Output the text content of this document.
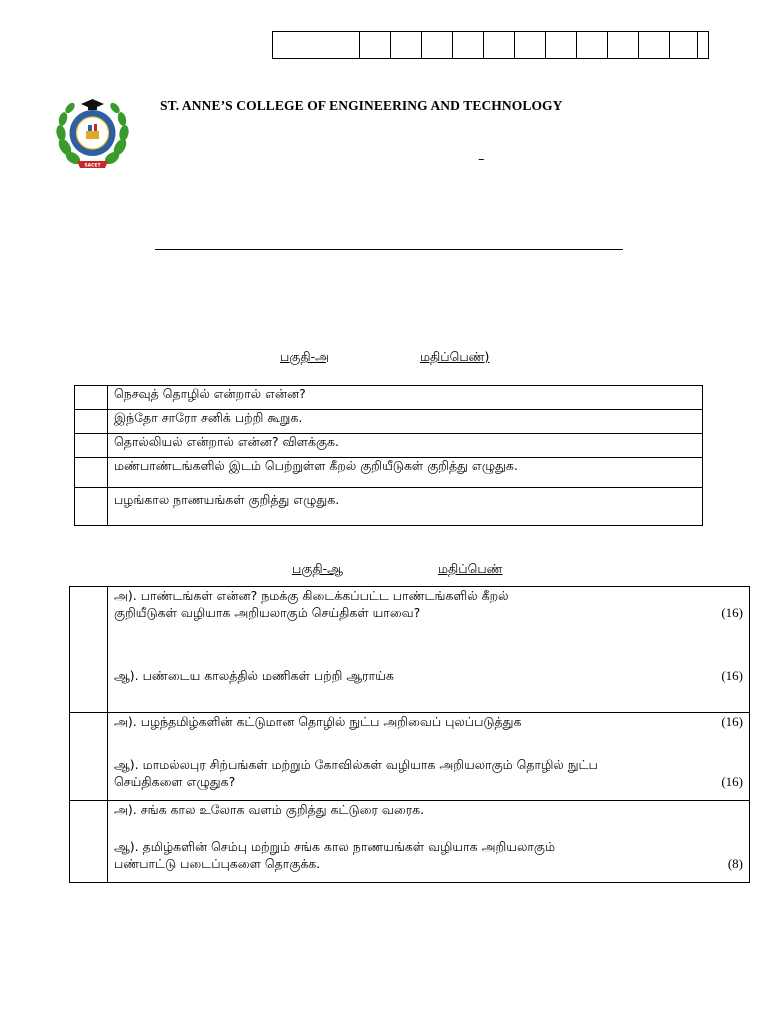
SACET
ST. ANNE’S COLLEGE OF ENGINEERING AND TECHNOLOGY
–
பகுதி-அ	மதிப்பெண்)
	நெசவுத் தொழில் என்றால் என்ன?
	இந்தோ சாரோ சனிக் பற்றி கூறுக.
	தொல்லியல் என்றால் என்ன? விளக்குக.
	மண்பாண்டங்களில் இடம் பெற்றுள்ள கீறல் குறியீடுகள் குறித்து எழுதுக.
	பழங்கால நாணயங்கள் குறித்து எழுதுக.
பகுதி-ஆ	மதிப்பெண்

	அ). பாண்டங்கள் என்ன? நமக்கு கிடைக்கப்பட்ட பாண்டங்களில் கீறல்
குறியீடுகள் வழியாக அறியலாகும் செய்திகள் யாவை? (16)
ஆ). பண்டைய காலத்தில் மணிகள் பற்றி ஆராய்க (16)

	அ). பழந்தமிழ்களின் கட்டுமான தொழில் நுட்ப அறிவைப் புலப்படுத்துக (16)
ஆ). மாமல்லபுர சிற்பங்கள் மற்றும் கோவில்கள் வழியாக அறியலாகும் தொழில் நுட்ப
செய்திகளை எழுதுக? (16)

	அ). சங்க கால உலோக வளம் குறித்து கட்டுரை வரைக.
ஆ). தமிழ்களின் செம்பு மற்றும் சங்க கால நாணயங்கள் வழியாக அறியலாகும்
பண்பாட்டு படைப்புகளை தொகுக்க. (8)
